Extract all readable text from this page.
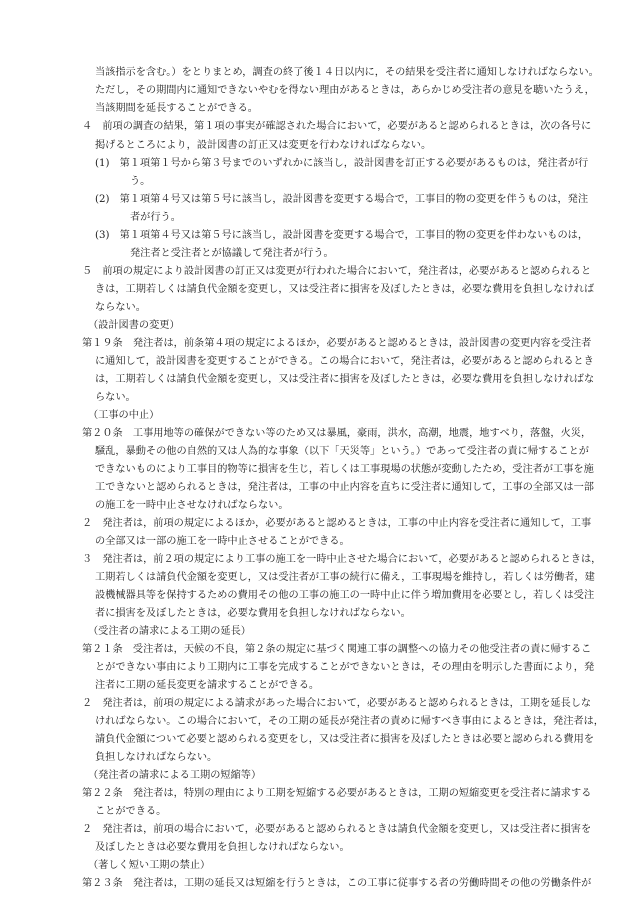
当該指示を含む。）をとりまとめ，調査の終了後１４日以内に，その結果を受注者に通知しなければならない。
ただし，その期間内に通知できないやむを得ない理由があるときは，あらかじめ受注者の意見を聴いたうえ，
当該期間を延長することができる。
４　前項の調査の結果，第１項の事実が確認された場合において，必要があると認められるときは，次の各号に
掲げるところにより，設計図書の訂正又は変更を行わなければならない。
(1)　第１項第１号から第３号までのいずれかに該当し，設計図書を訂正する必要があるものは，発注者が行
う。
(2)　第１項第４号又は第５号に該当し，設計図書を変更する場合で，工事目的物の変更を伴うものは，発注
者が行う。
(3)　第１項第４号又は第５号に該当し，設計図書を変更する場合で，工事目的物の変更を伴わないものは，
発注者と受注者とが協議して発注者が行う。
５　前項の規定により設計図書の訂正又は変更が行われた場合において，発注者は，必要があると認められると
きは，工期若しくは請負代金額を変更し，又は受注者に損害を及ぼしたときは，必要な費用を負担しなければ
ならない。
（設計図書の変更）
第１９条　発注者は，前条第４項の規定によるほか，必要があると認めるときは，設計図書の変更内容を受注者
に通知して，設計図書を変更することができる。この場合において，発注者は，必要があると認められるとき
は，工期若しくは請負代金額を変更し，又は受注者に損害を及ぼしたときは，必要な費用を負担しなければな
らない。
（工事の中止）
第２０条　工事用地等の確保ができない等のため又は暴風，豪雨，洪水，高潮，地震，地すべり，落盤，火災，
騒乱，暴動その他の自然的又は人為的な事象（以下「天災等」という。）であって受注者の責に帰することが
できないものにより工事目的物等に損害を生じ，若しくは工事現場の状態が変動したため，受注者が工事を施
工できないと認められるときは，発注者は，工事の中止内容を直ちに受注者に通知して，工事の全部又は一部
の施工を一時中止させなければならない。
２　発注者は，前項の規定によるほか，必要があると認めるときは，工事の中止内容を受注者に通知して，工事
の全部又は一部の施工を一時中止させることができる。
３　発注者は，前２項の規定により工事の施工を一時中止させた場合において，必要があると認められるときは，
工期若しくは請負代金額を変更し，又は受注者が工事の続行に備え，工事現場を維持し，若しくは労働者，建
設機械器具等を保持するための費用その他の工事の施工の一時中止に伴う増加費用を必要とし，若しくは受注
者に損害を及ぼしたときは，必要な費用を負担しなければならない。
（受注者の請求による工期の延長）
第２１条　受注者は，天候の不良，第２条の規定に基づく関連工事の調整への協力その他受注者の責に帰するこ
とができない事由により工期内に工事を完成することができないときは，その理由を明示した書面により，発
注者に工期の延長変更を請求することができる。
２　発注者は，前項の規定による請求があった場合において，必要があると認められるときは，工期を延長しな
ければならない。この場合において，その工期の延長が発注者の責めに帰すべき事由によるときは，発注者は，
請負代金額について必要と認められる変更をし，又は受注者に損害を及ぼしたときは必要と認められる費用を
負担しなければならない。
（発注者の請求による工期の短縮等）
第２２条　発注者は，特別の理由により工期を短縮する必要があるときは，工期の短縮変更を受注者に請求する
ことができる。
２　発注者は，前項の場合において，必要があると認められるときは請負代金額を変更し，又は受注者に損害を
及ぼしたときは必要な費用を負担しなければならない。
（著しく短い工期の禁止）
第２３条　発注者は，工期の延長又は短縮を行うときは，この工事に従事する者の労働時間その他の労働条件が
